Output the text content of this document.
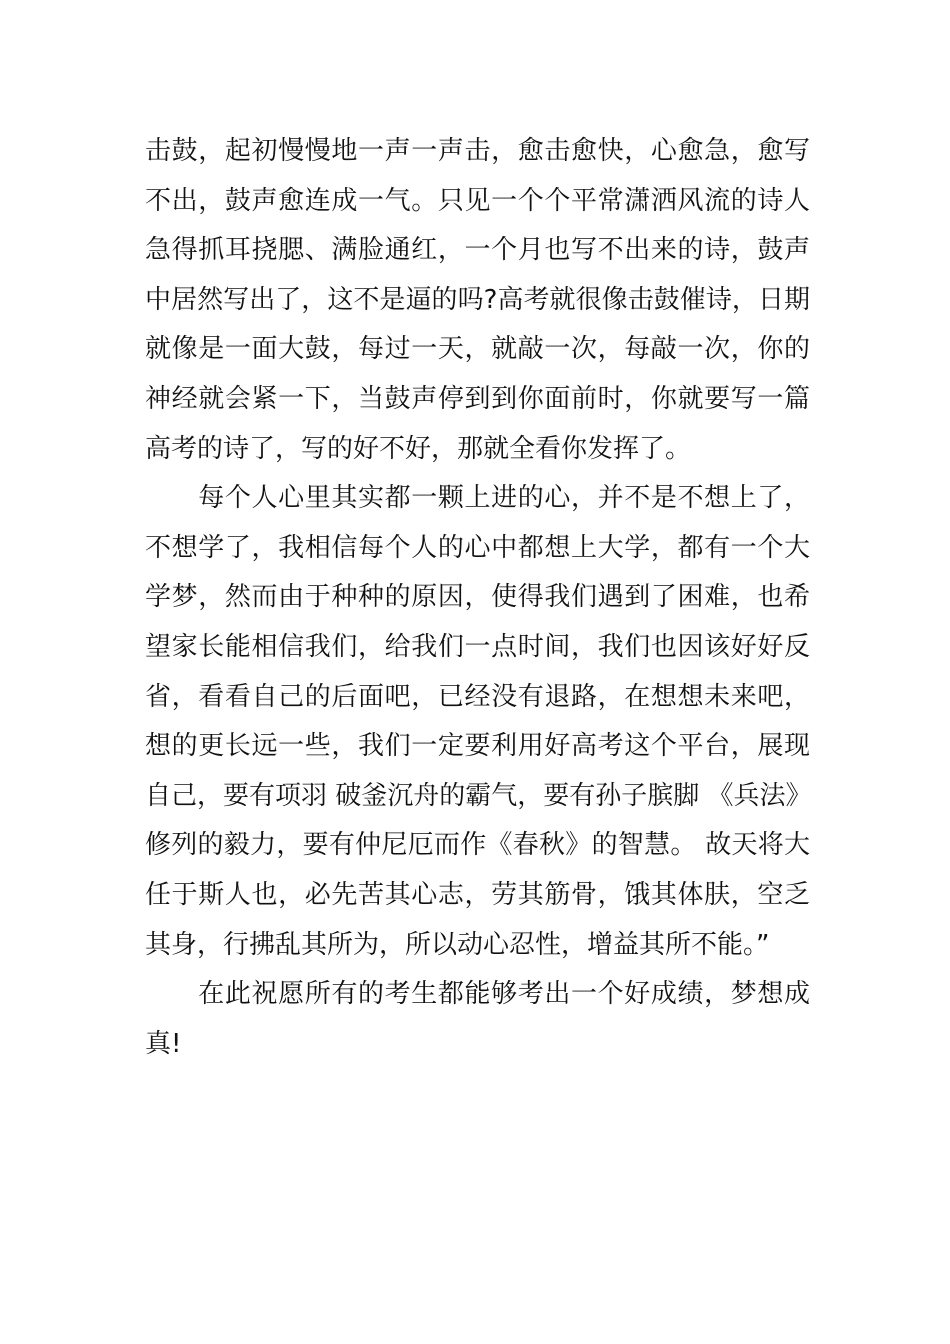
击鼓，起初慢慢地一声一声击，愈击愈快，心愈急，愈写
不出，鼓声愈连成一气。只见一个个平常潇洒风流的诗人
急得抓耳挠腮、满脸通红，一个月也写不出来的诗，鼓声
中居然写出了，这不是逼的吗?高考就很像击鼓催诗，日期
就像是一面大鼓，每过一天，就敲一次，每敲一次，你的
神经就会紧一下，当鼓声停到到你面前时，你就要写一篇
高考的诗了，写的好不好，那就全看你发挥了。
　　每个人心里其实都一颗上进的心，并不是不想上了，
不想学了，我相信每个人的心中都想上大学，都有一个大
学梦，然而由于种种的原因，使得我们遇到了困难，也希
望家长能相信我们，给我们一点时间，我们也因该好好反
省，看看自己的后面吧，已经没有退路，在想想未来吧，
想的更长远一些，我们一定要利用好高考这个平台，展现
自己，要有项羽 破釜沉舟的霸气，要有孙子膑脚 《兵法》
修列的毅力，要有仲尼厄而作《春秋》的智慧。 故天将大
任于斯人也，必先苦其心志，劳其筋骨，饿其体肤，空乏
其身，行拂乱其所为，所以动心忍性，增益其所不能。”
　　在此祝愿所有的考生都能够考出一个好成绩，梦想成
真!
